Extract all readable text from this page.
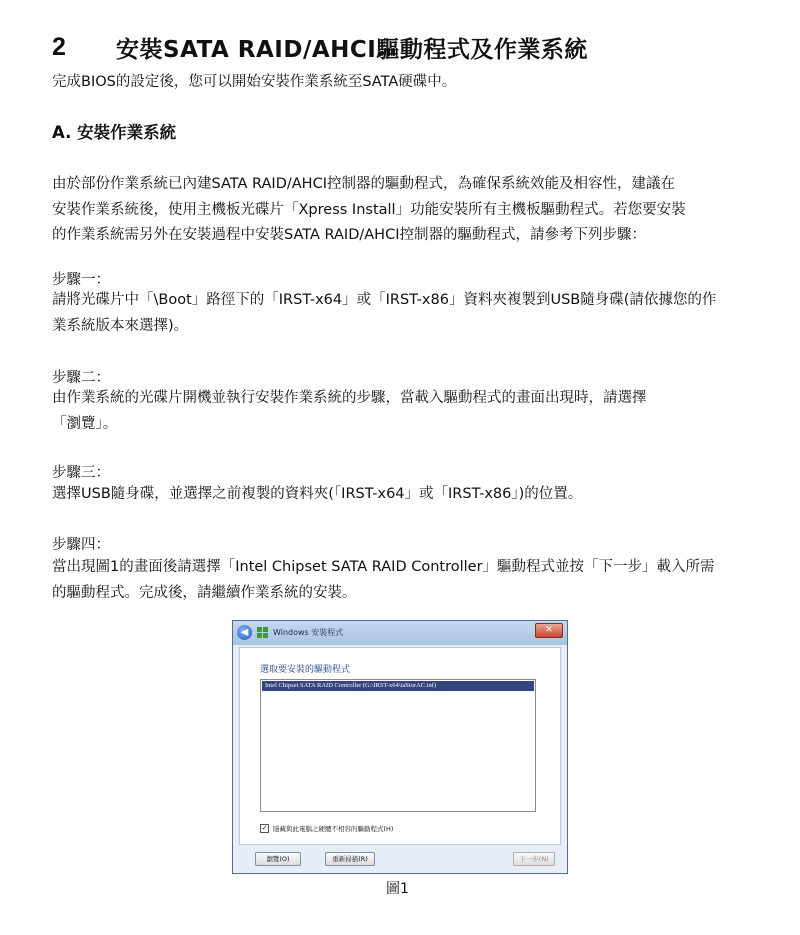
2	安裝SATA RAID/AHCI驅動程式及作業系統
完成BIOS的設定後，您可以開始安裝作業系統至SATA硬碟中。
A. 安裝作業系統
由於部份作業系統已內建SATA RAID/AHCI控制器的驅動程式，為確保系統效能及相容性，建議在
安裝作業系統後，使用主機板光碟片「Xpress Install」功能安裝所有主機板驅動程式。若您要安裝
的作業系統需另外在安裝過程中安裝SATA RAID/AHCI控制器的驅動程式，請參考下列步驟：
步驟一：
請將光碟片中「\Boot」路徑下的「IRST-x64」或「IRST-x86」資料夾複製到USB隨身碟(請依據您的作
業系統版本來選擇)。
步驟二：
由作業系統的光碟片開機並執行安裝作業系統的步驟，當載入驅動程式的畫面出現時，請選擇
「瀏覽」。
步驟三：
選擇USB隨身碟，並選擇之前複製的資料夾(「IRST-x64」或「IRST-x86」)的位置。
步驟四：
當出現圖1的畫面後請選擇「Intel Chipset SATA RAID Controller」驅動程式並按「下一步」載入所需
的驅動程式。完成後，請繼續作業系統的安裝。
◀	Windows 安裝程式	✕
選取要安裝的驅動程式
Intel Chipset SATA RAID Controller (G:\IRST-x64\iaStorAC.inf)
✓ 隱藏與此電腦之硬體不相容的驅動程式(H)
瀏覽(O)	重新掃描(R)	下一步(N)
圖1
